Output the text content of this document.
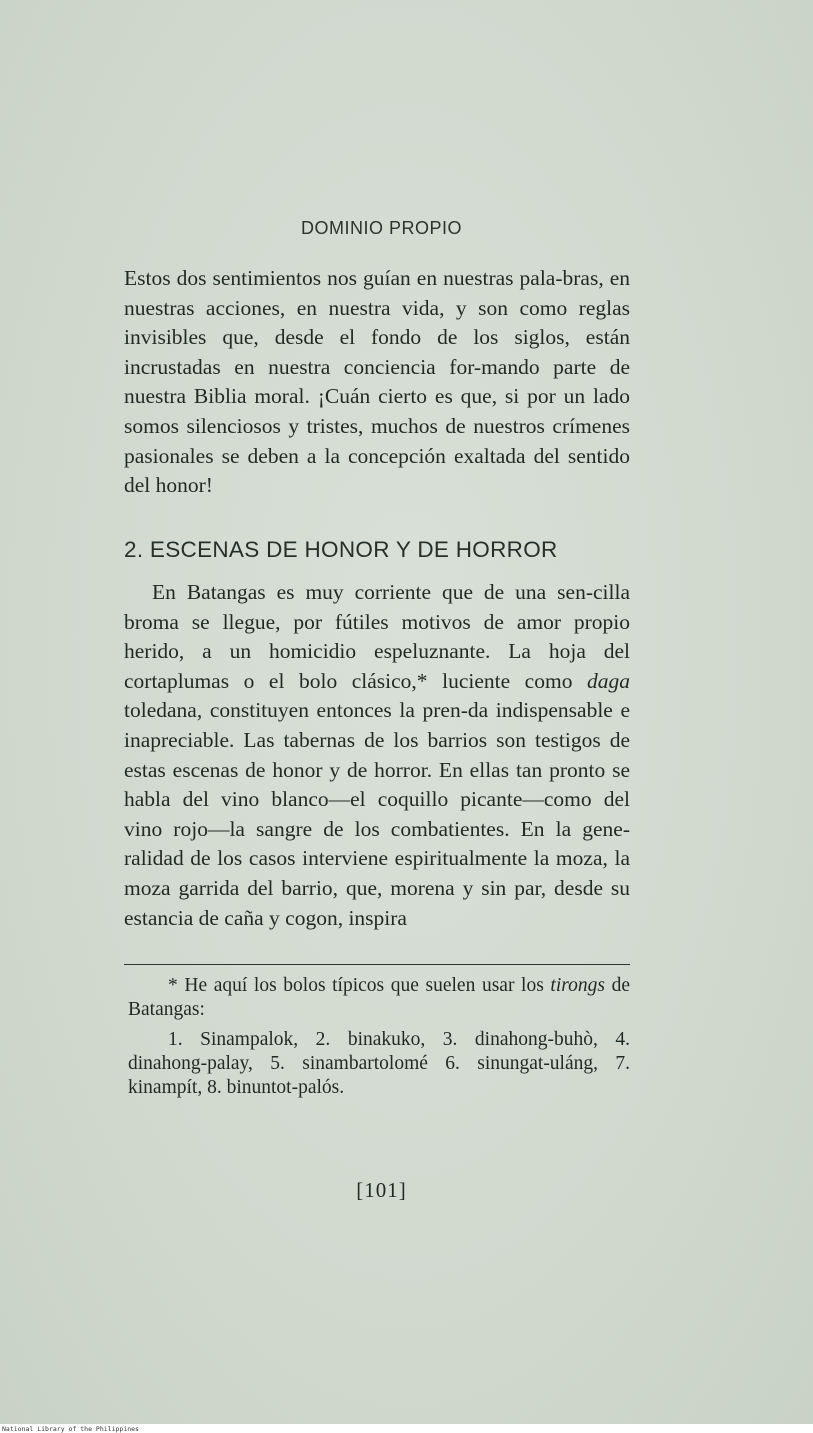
DOMINIO PROPIO

Estos dos sentimientos nos guían en nuestras pala-bras, en nuestras acciones, en nuestra vida, y son como reglas invisibles que, desde el fondo de los siglos, están incrustadas en nuestra conciencia for-mando parte de nuestra Biblia moral. ¡Cuán cierto es que, si por un lado somos silenciosos y tristes, muchos de nuestros crímenes pasionales se deben a la concepción exaltada del sentido del honor!

2. ESCENAS DE HONOR Y DE HORROR

En Batangas es muy corriente que de una sen-cilla broma se llegue, por fútiles motivos de amor propio herido, a un homicidio espeluznante. La hoja del cortaplumas o el bolo clásico,* luciente como daga toledana, constituyen entonces la pren-da indispensable e inapreciable. Las tabernas de los barrios son testigos de estas escenas de honor y de horror. En ellas tan pronto se habla del vino blanco—el coquillo picante—como del vino rojo—la sangre de los combatientes. En la gene-ralidad de los casos interviene espiritualmente la moza, la moza garrida del barrio, que, morena y sin par, desde su estancia de caña y cogon, inspira

* He aquí los bolos típicos que suelen usar los tirongs de Batangas:

1. Sinampalok, 2. binakuko, 3. dinahong-buhò, 4. dinahong-palay, 5. sinambartolomé 6. sinungat-uláng, 7. kinampít, 8. binuntot-palós.

[101]
National Library of the Philippines
